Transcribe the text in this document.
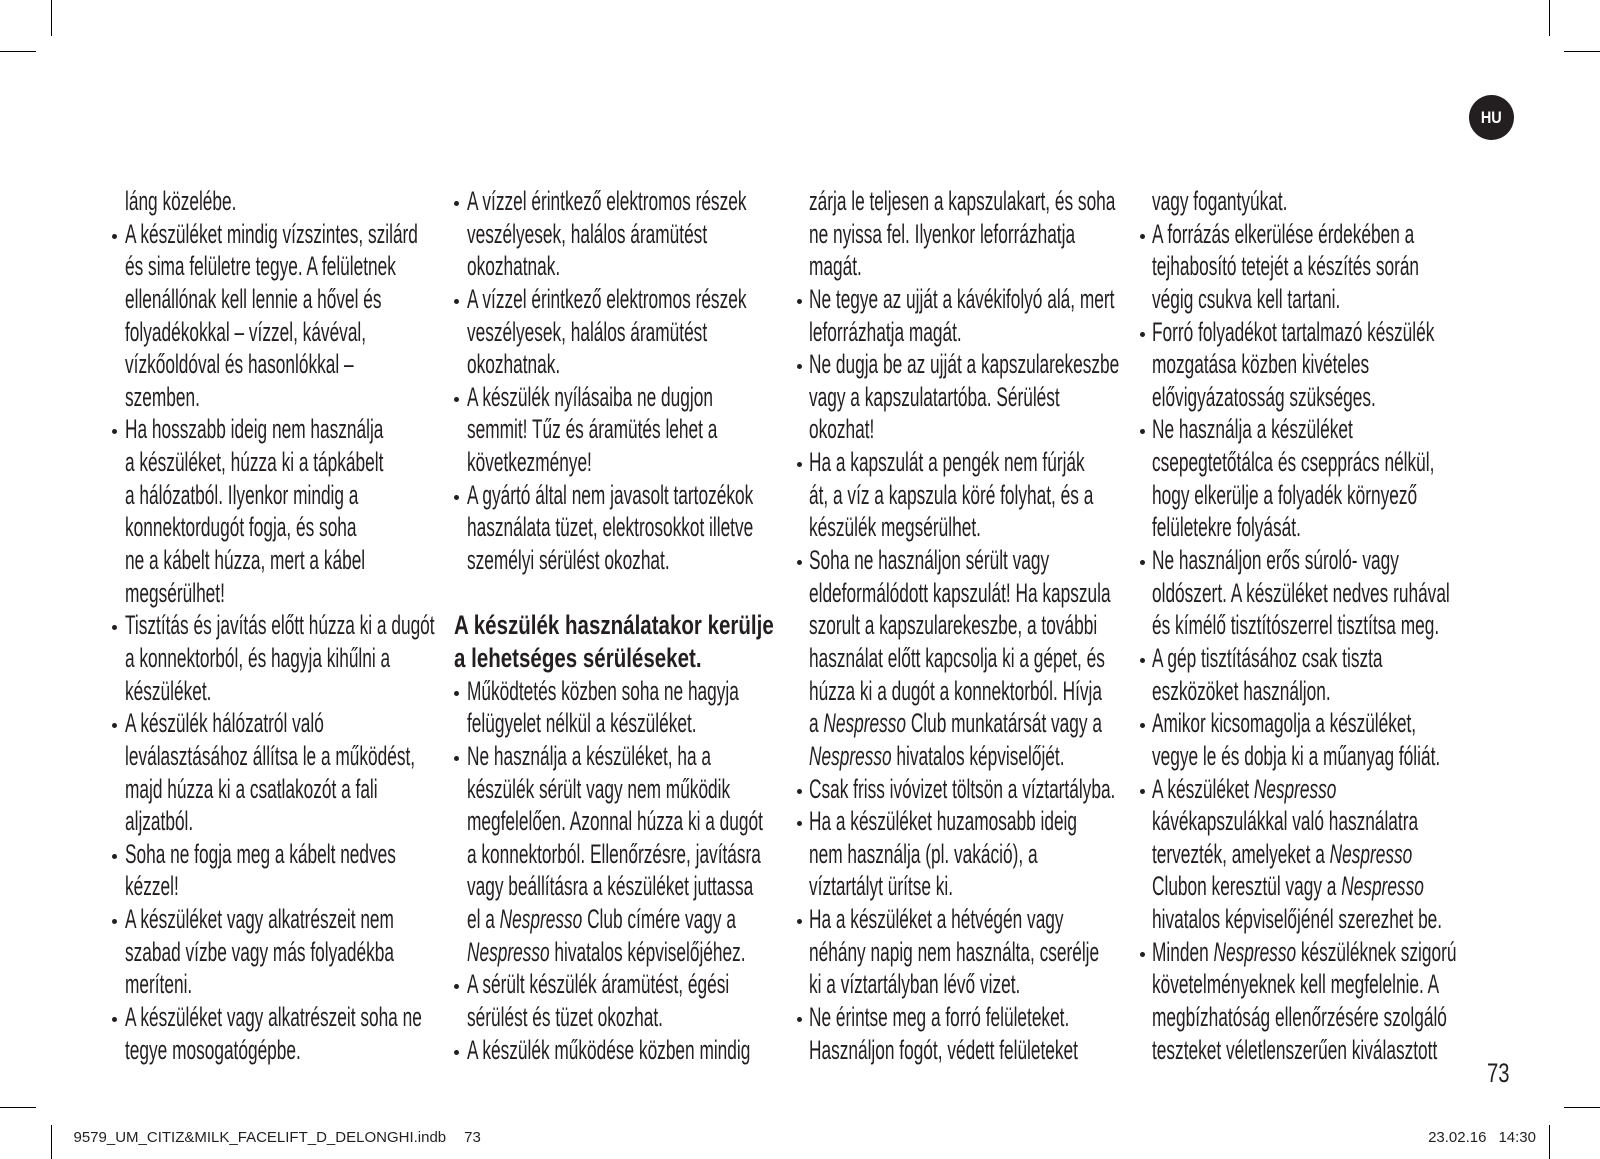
HU
láng közelébe.
A készüléket mindig vízszintes, szilárd
és sima felületre tegye. A felületnek
ellenállónak kell lennie a hővel és
folyadékokkal – vízzel, kávéval,
vízkőoldóval és hasonlókkal –
szemben.
Ha hosszabb ideig nem használja
a készüléket, húzza ki a tápkábelt
a hálózatból. Ilyenkor mindig a
konnektordugót fogja, és soha
ne a kábelt húzza, mert a kábel
megsérülhet!
Tisztítás és javítás előtt húzza ki a dugót
a konnektorból, és hagyja kihűlni a
készüléket.
A készülék hálózatról való
leválasztásához állítsa le a működést,
majd húzza ki a csatlakozót a fali
aljzatból.
Soha ne fogja meg a kábelt nedves
kézzel!
A készüléket vagy alkatrészeit nem
szabad vízbe vagy más folyadékba
meríteni.
A készüléket vagy alkatrészeit soha ne
tegye mosogatógépbe.
A vízzel érintkező elektromos részek
veszélyesek, halálos áramütést
okozhatnak.
A vízzel érintkező elektromos részek
veszélyesek, halálos áramütést
okozhatnak.
A készülék nyílásaiba ne dugjon
semmit! Tűz és áramütés lehet a
következménye!
A gyártó által nem javasolt tartozékok
használata tüzet, elektrosokkot illetve
személyi sérülést okozhat.
A készülék használatakor kerülje
a lehetséges sérüléseket.
Működtetés közben soha ne hagyja
felügyelet nélkül a készüléket.
Ne használja a készüléket, ha a
készülék sérült vagy nem működik
megfelelően. Azonnal húzza ki a dugót
a konnektorból. Ellenőrzésre, javításra
vagy beállításra a készüléket juttassa
el a Nespresso Club címére vagy a
Nespresso hivatalos képviselőjéhez.
A sérült készülék áramütést, égési
sérülést és tüzet okozhat.
A készülék működése közben mindig
zárja le teljesen a kapszulakart, és soha
ne nyissa fel. Ilyenkor leforrázhatja
magát.
Ne tegye az ujját a kávékifolyó alá, mert
leforrázhatja magát.
Ne dugja be az ujját a kapszularekeszbe
vagy a kapszulatartóba. Sérülést
okozhat!
Ha a kapszulát a pengék nem fúrják
át, a víz a kapszula köré folyhat, és a
készülék megsérülhet.
Soha ne használjon sérült vagy
eldeformálódott kapszulát! Ha kapszula
szorult a kapszularekeszbe, a további
használat előtt kapcsolja ki a gépet, és
húzza ki a dugót a konnektorból. Hívja
a Nespresso Club munkatársát vagy a
Nespresso hivatalos képviselőjét.
Csak friss ivóvizet töltsön a víztartályba.
Ha a készüléket huzamosabb ideig
nem használja (pl. vakáció), a
víztartályt ürítse ki.
Ha a készüléket a hétvégén vagy
néhány napig nem használta, cserélje
ki a víztartályban lévő vizet.
Ne érintse meg a forró felületeket.
Használjon fogót, védett felületeket
vagy fogantyúkat.
A forrázás elkerülése érdekében a
tejhabosító tetejét a készítés során
végig csukva kell tartani.
Forró folyadékot tartalmazó készülék
mozgatása közben kivételes
elővigyázatosság szükséges.
Ne használja a készüléket
csepegtetőtálca és csepprács nélkül,
hogy elkerülje a folyadék környező
felületekre folyását.
Ne használjon erős súroló- vagy
oldószert. A készüléket nedves ruhával
és kímélő tisztítószerrel tisztítsa meg.
A gép tisztításához csak tiszta
eszközöket használjon.
Amikor kicsomagolja a készüléket,
vegye le és dobja ki a műanyag fóliát.
A készüléket Nespresso
kávékapszulákkal való használatra
tervezték, amelyeket a Nespresso
Clubon keresztül vagy a Nespresso
hivatalos képviselőjénél szerezhet be.
Minden Nespresso készüléknek szigorú
követelményeknek kell megfelelnie. A
megbízhatóság ellenőrzésére szolgáló
teszteket véletlenszerűen kiválasztott
73
9579_UM_CITIZ&MILK_FACELIFT_D_DELONGHI.indb 73	23.02.16 14:30
